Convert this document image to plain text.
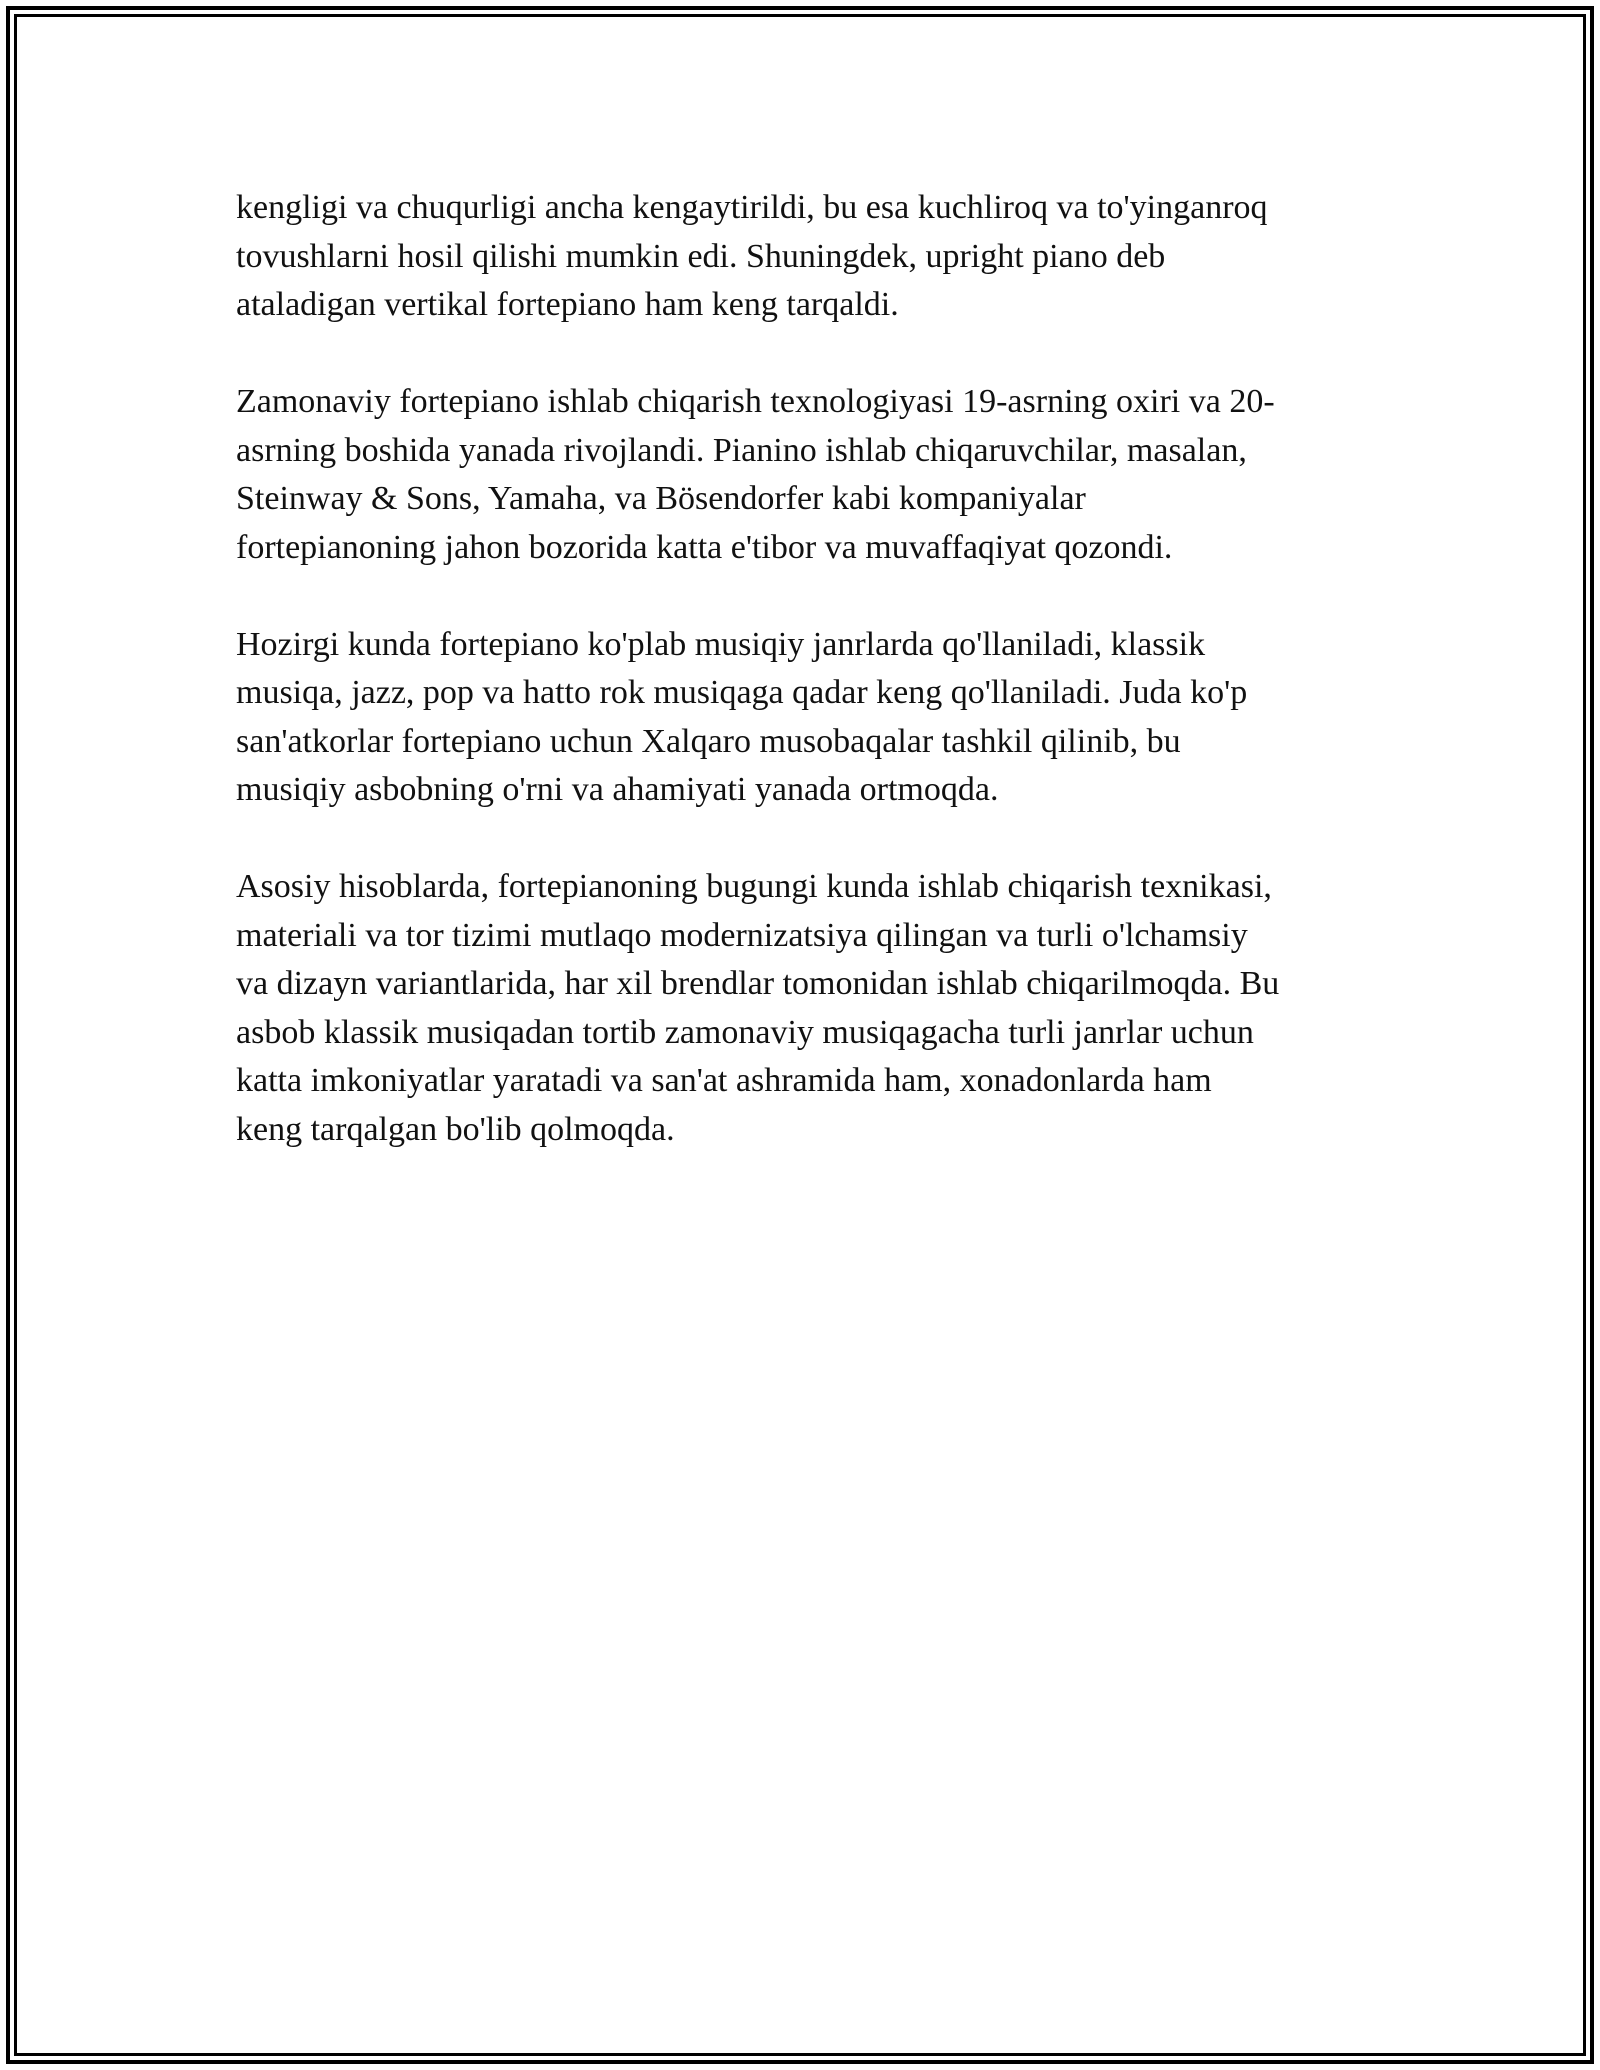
kengligi va chuqurligi ancha kengaytirildi, bu esa kuchliroq va to'yinganroq
tovushlarni hosil qilishi mumkin edi. Shuningdek, upright piano deb
ataladigan vertikal fortepiano ham keng tarqaldi.

Zamonaviy fortepiano ishlab chiqarish texnologiyasi 19-asrning oxiri va 20-
asrning boshida yanada rivojlandi. Pianino ishlab chiqaruvchilar, masalan,
Steinway & Sons, Yamaha, va Bösendorfer kabi kompaniyalar
fortepianoning jahon bozorida katta e'tibor va muvaffaqiyat qozondi.

Hozirgi kunda fortepiano ko'plab musiqiy janrlarda qo'llaniladi, klassik
musiqa, jazz, pop va hatto rok musiqaga qadar keng qo'llaniladi. Juda ko'p
san'atkorlar fortepiano uchun Xalqaro musobaqalar tashkil qilinib, bu
musiqiy asbobning o'rni va ahamiyati yanada ortmoqda.

Asosiy hisoblarda, fortepianoning bugungi kunda ishlab chiqarish texnikasi,
materiali va tor tizimi mutlaqo modernizatsiya qilingan va turli o'lchamsiy
va dizayn variantlarida, har xil brendlar tomonidan ishlab chiqarilmoqda. Bu
asbob klassik musiqadan tortib zamonaviy musiqagacha turli janrlar uchun
katta imkoniyatlar yaratadi va san'at ashramida ham, xonadonlarda ham
keng tarqalgan bo'lib qolmoqda.
